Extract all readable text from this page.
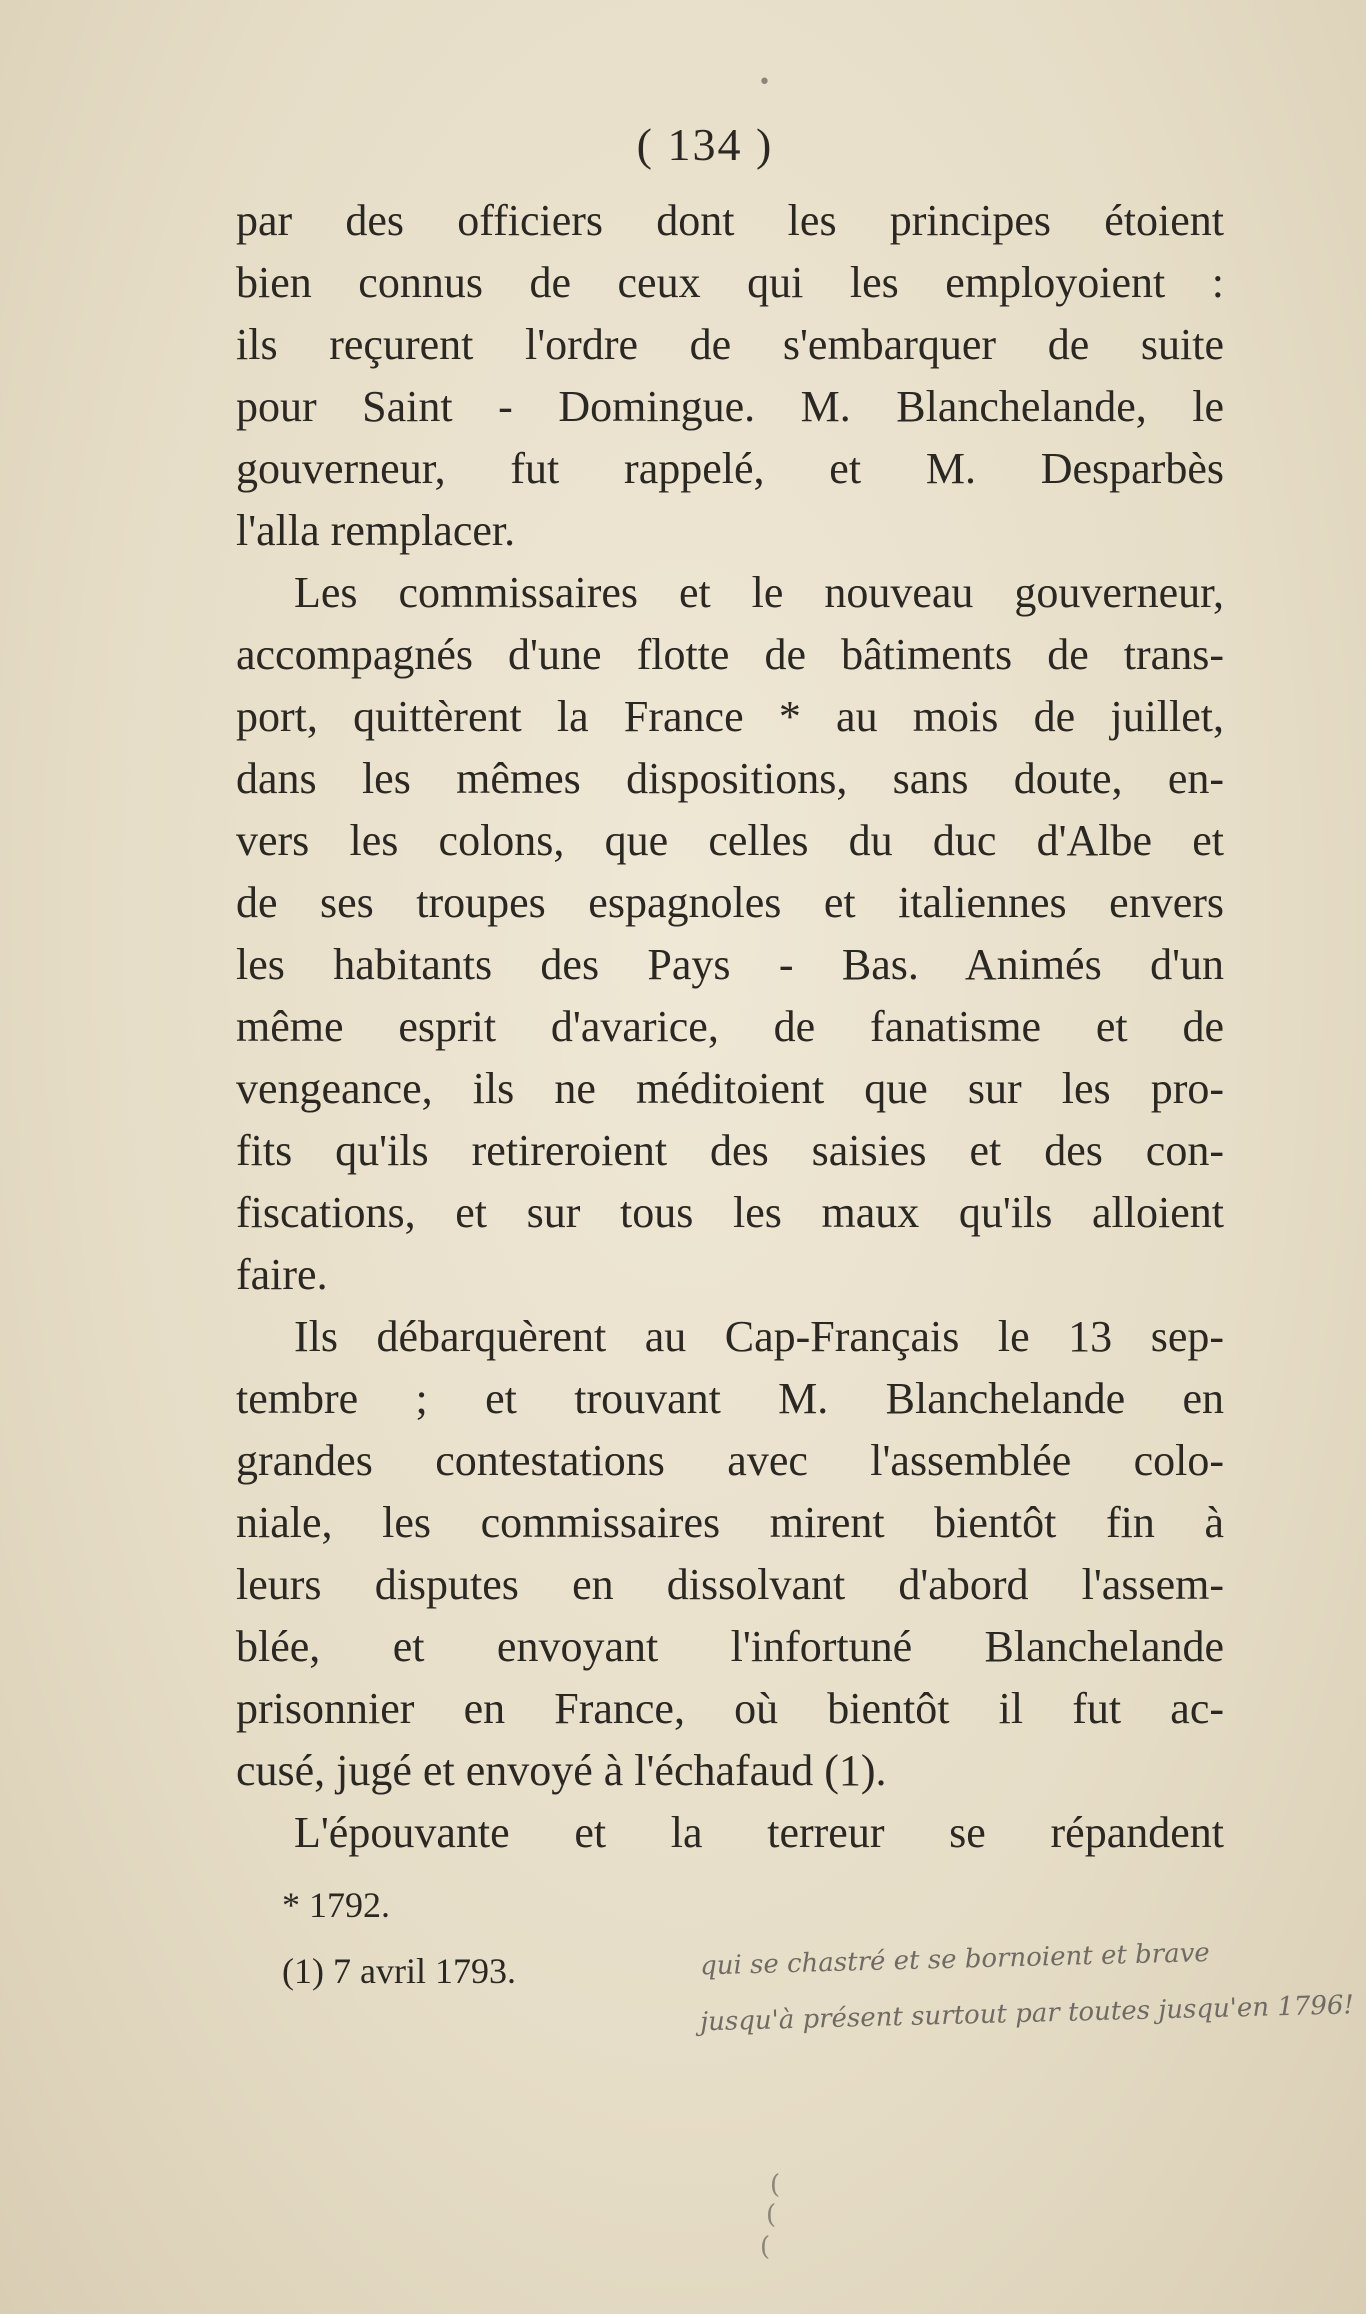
( 134 )
par des officiers dont les principes étoient
bien connus de ceux qui les employoient :
ils reçurent l'ordre de s'embarquer de suite
pour Saint - Domingue. M. Blanchelande, le
gouverneur, fut rappelé, et M. Desparbès
l'alla remplacer.
Les commissaires et le nouveau gouverneur,
accompagnés d'une flotte de bâtiments de trans-
port, quittèrent la France * au mois de juillet,
dans les mêmes dispositions, sans doute, en-
vers les colons, que celles du duc d'Albe et
de ses troupes espagnoles et italiennes envers
les habitants des Pays - Bas. Animés d'un
même esprit d'avarice, de fanatisme et de
vengeance, ils ne méditoient que sur les pro-
fits qu'ils retireroient des saisies et des con-
fiscations, et sur tous les maux qu'ils alloient
faire.
Ils débarquèrent au Cap-Français le 13 sep-
tembre ; et trouvant M. Blanchelande en
grandes contestations avec l'assemblée colo-
niale, les commissaires mirent bientôt fin à
leurs disputes en dissolvant d'abord l'assem-
blée, et envoyant l'infortuné Blanchelande
prisonnier en France, où bientôt il fut ac-
cusé, jugé et envoyé à l'échafaud (1).
L'épouvante et la terreur se répandent
* 1792.
(1) 7 avril 1793.	qui se chastré et se bornoient et brave
jusqu'à présent surtout par toutes jusqu'en 1796!
•
(
(
(
